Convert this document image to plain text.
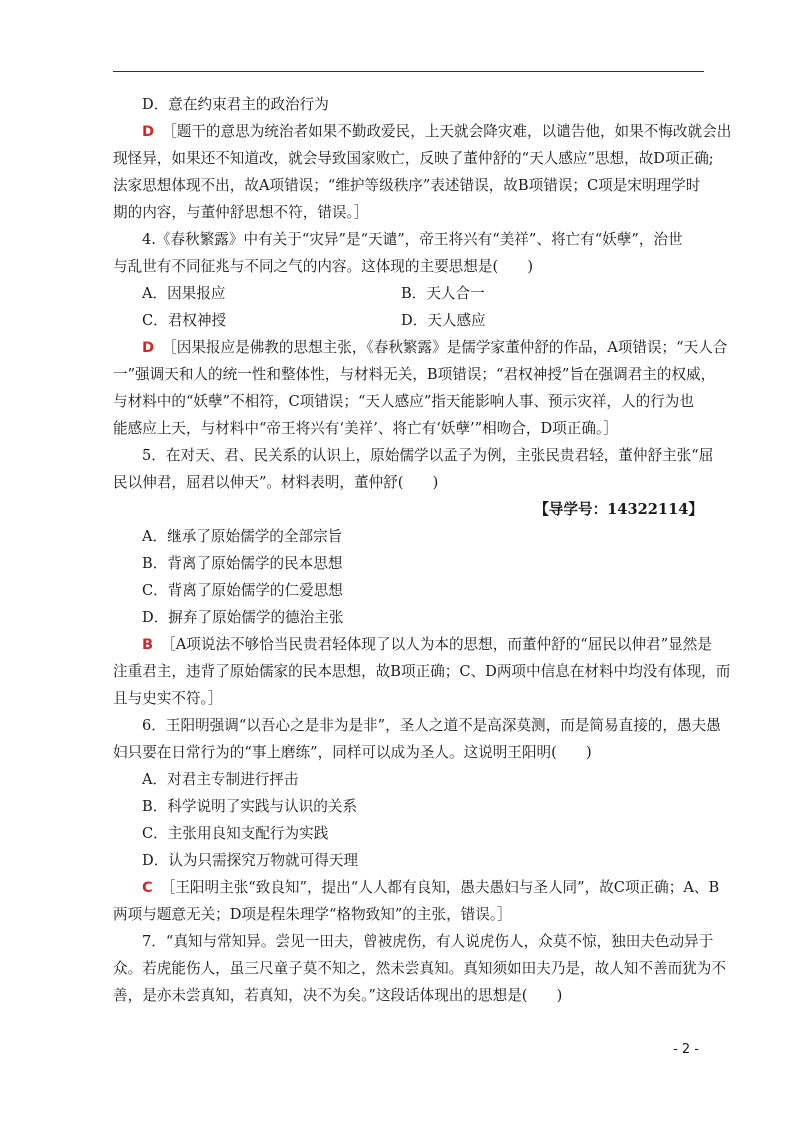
D．意在约束君主的政治行为
D ［题干的意思为统治者如果不勤政爱民，上天就会降灾难，以谴告他，如果不悔改就会出
现怪异，如果还不知道改，就会导致国家败亡，反映了董仲舒的“天人感应”思想，故D项正确;
法家思想体现不出，故A项错误；“维护等级秩序”表述错误，故B项错误；C项是宋明理学时
期的内容，与董仲舒思想不符，错误。］
4.《春秋繁露》中有关于“灾异”是“天谴”，帝王将兴有“美祥”、将亡有“妖孽”，治世
与乱世有不同征兆与不同之气的内容。这体现的主要思想是(　　)
A．因果报应	B．天人合一
C．君权神授	D．天人感应
D ［因果报应是佛教的思想主张，《春秋繁露》是儒学家董仲舒的作品，A项错误；“天人合
一”强调天和人的统一性和整体性，与材料无关，B项错误；“君权神授”旨在强调君主的权威，
与材料中的“妖孽”不相符，C项错误；“天人感应”指天能影响人事、预示灾祥，人的行为也
能感应上天，与材料中“帝王将兴有‘美祥’、将亡有‘妖孽’”相吻合，D项正确。］
5．在对天、君、民关系的认识上，原始儒学以孟子为例，主张民贵君轻，董仲舒主张“屈
民以伸君，屈君以伸天”。材料表明，董仲舒(　　)
【导学号：14322114】
A．继承了原始儒学的全部宗旨
B．背离了原始儒学的民本思想
C．背离了原始儒学的仁爱思想
D．摒弃了原始儒学的德治主张
B ［A项说法不够恰当民贵君轻体现了以人为本的思想，而董仲舒的“屈民以伸君”显然是
注重君主，违背了原始儒家的民本思想，故B项正确；C、D两项中信息在材料中均没有体现，而
且与史实不符。］
6．王阳明强调“以吾心之是非为是非”，圣人之道不是高深莫测，而是简易直接的，愚夫愚
妇只要在日常行为的“事上磨练”，同样可以成为圣人。这说明王阳明(　　)
A．对君主专制进行抨击
B．科学说明了实践与认识的关系
C．主张用良知支配行为实践
D．认为只需探究万物就可得天理
C ［王阳明主张“致良知”，提出“人人都有良知，愚夫愚妇与圣人同”，故C项正确；A、B
两项与题意无关；D项是程朱理学“格物致知”的主张，错误。］
7．“真知与常知异。尝见一田夫，曾被虎伤，有人说虎伤人，众莫不惊，独田夫色动异于
众。若虎能伤人，虽三尺童子莫不知之，然未尝真知。真知须如田夫乃是，故人知不善而犹为不
善，是亦未尝真知，若真知，决不为矣。”这段话体现出的思想是(　　)
- 2 -
